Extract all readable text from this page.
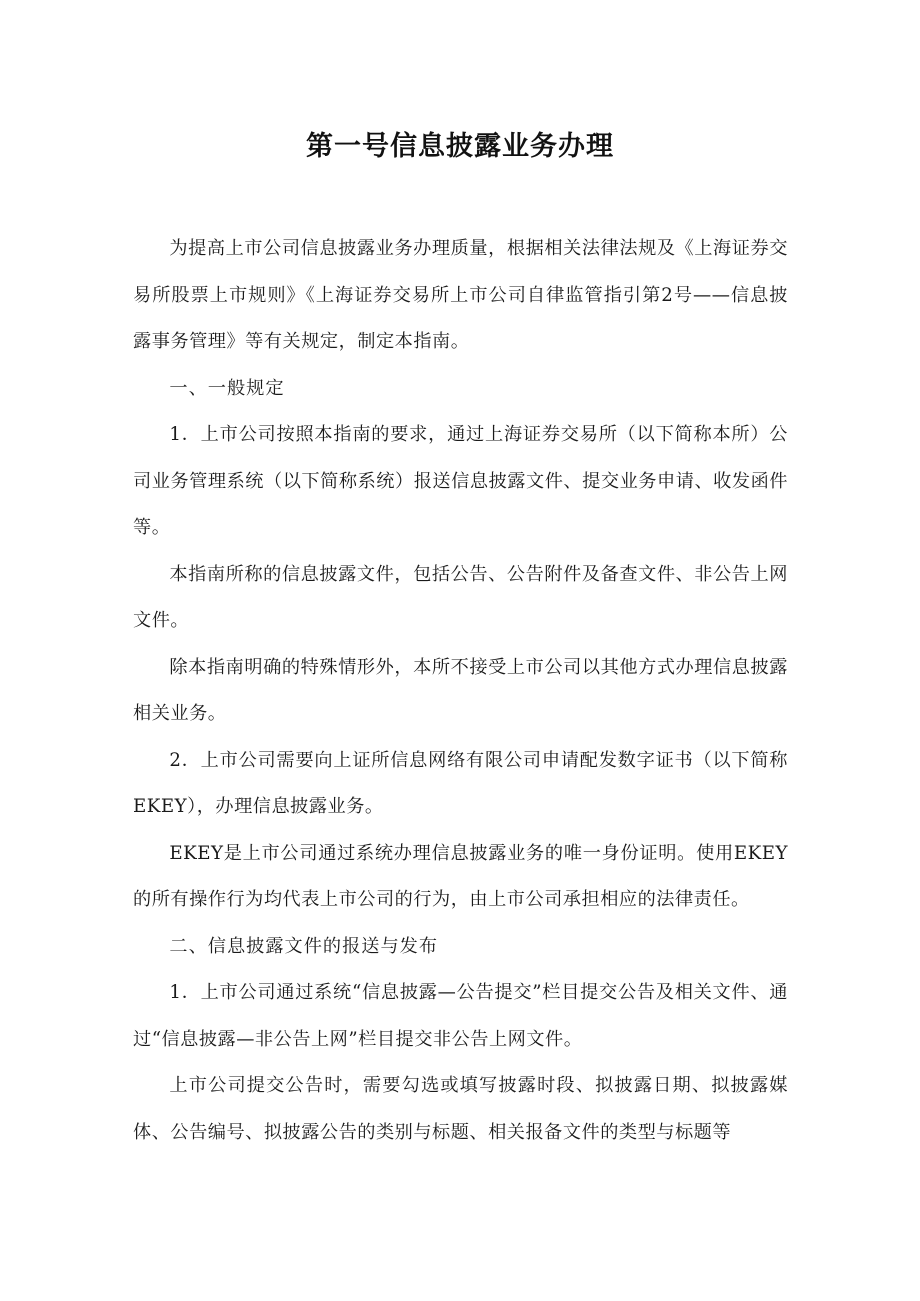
第一号信息披露业务办理

为提高上市公司信息披露业务办理质量，根据相关法律法规及《上海证券交易所股票上市规则》《上海证券交易所上市公司自律监管指引第2号——信息披露事务管理》等有关规定，制定本指南。

一、一般规定

1．上市公司按照本指南的要求，通过上海证券交易所（以下简称本所）公司业务管理系统（以下简称系统）报送信息披露文件、提交业务申请、收发函件等。

本指南所称的信息披露文件，包括公告、公告附件及备查文件、非公告上网文件。

除本指南明确的特殊情形外，本所不接受上市公司以其他方式办理信息披露相关业务。

2．上市公司需要向上证所信息网络有限公司申请配发数字证书（以下简称EKEY），办理信息披露业务。

EKEY是上市公司通过系统办理信息披露业务的唯一身份证明。使用EKEY的所有操作行为均代表上市公司的行为，由上市公司承担相应的法律责任。

二、信息披露文件的报送与发布

1．上市公司通过系统“信息披露—公告提交”栏目提交公告及相关文件、通过“信息披露—非公告上网”栏目提交非公告上网文件。

上市公司提交公告时，需要勾选或填写披露时段、拟披露日期、拟披露媒体、公告编号、拟披露公告的类别与标题、相关报备文件的类型与标题等
